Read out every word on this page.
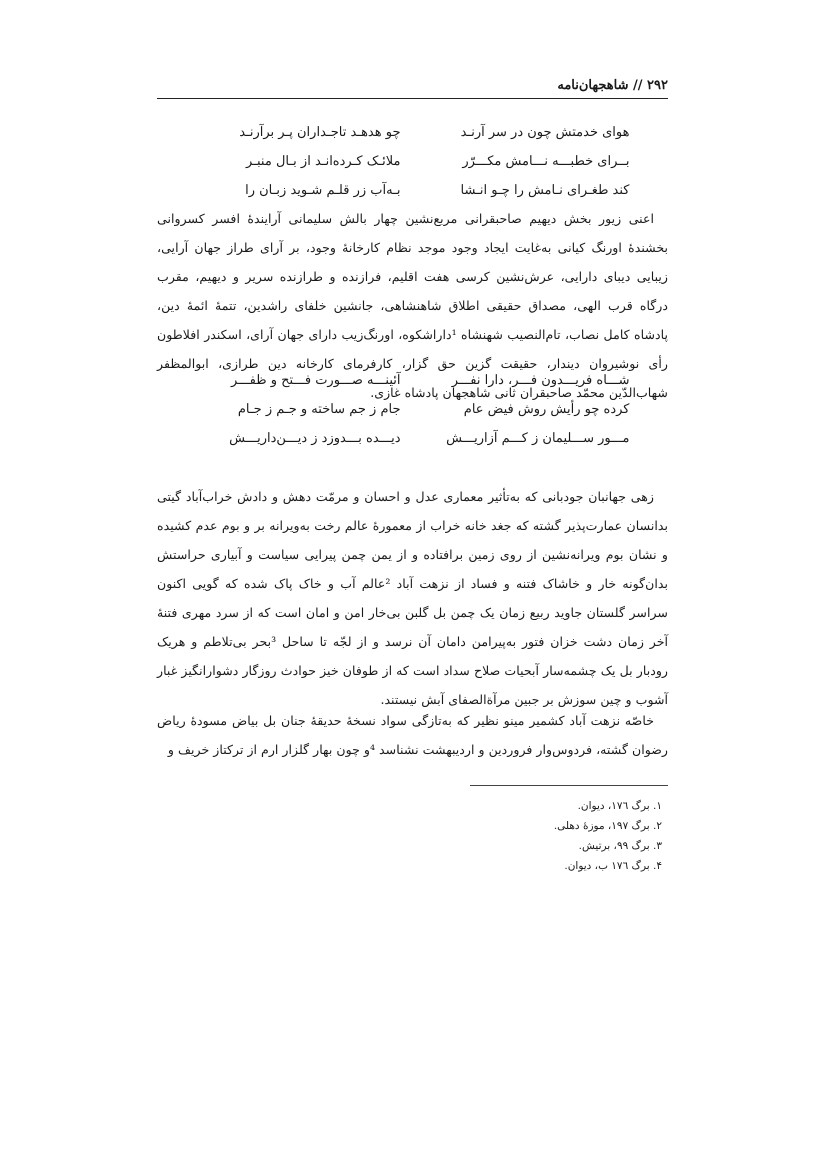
۲۹۲ // شاهجهان‌نامه
هوای خدمتش چون در سر آرنـد
چو هدهـد تاجـداران پـر برآرنـد
بــرای خطبـــه نـــامش مکـــرّر
ملائـک کـرده‌انـد از بـال منبـر
کند طغـرای نـامش را چـو انـشا
بـه‌آب زر قلـم شـوید زبـان را

اعنی زیور بخش دیهیم صاحبقرانی مربع‌نشین چهار بالش سلیمانی آرایندهٔ افسر کسروانی بخشندهٔ اورنگ کیانی به‌غایت ایجاد وجود موجد نظام کارخانهٔ وجود، بر آرای طراز جهان آرایی، زیبایی دیبای دارایی، عرش‌نشین کرسی هفت اقلیم، فرازنده و طرازنده سریر و دیهیم، مقرب درگاه قرب الهی، مصداق حقیقی اطلاق شاهنشاهی، جانشین خلفای راشدین، تتمهٔ ائمهٔ دین، پادشاه کامل نصاب، تام‌النصیب شهنشاه ¹داراشکوه، اورنگ‌زیب دارای جهان آرای، اسکندر افلاطون رأی نوشیروان دیندار، حقیقت گزین حق گزار، کارفرمای کارخانه دین طرازی، ابوالمظفر شهاب‌الدّین محمّد صاحبقران ثانی شاهجهان پادشاه غازی.

شـــاه فریـــدون فـــر، دارا نفـــر
آئینـــه صـــورت فـــتح و ظفـــر
کرده چو رأیش روش فیض عام
جام ز جم ساخته و جـم ز جـام
مـــور ســـلیمان ز کـــم آزاریـــش
دیـــده بـــدوزد ز دیـــن‌داریـــش

زهی جهانبان جودبانی که به‌تأثیر معماری عدل و احسان و مرمّت دهش و دادش خراب‌آباد گیتی بدانسان عمارت‌پذیر گشته که جغد خانه خراب از معمورهٔ عالم رخت به‌ویرانه بر و بوم عدم کشیده و نشان بوم ویرانه‌نشین از روی زمین برافتاده و از یمن چمن پیرایی سیاست و آبیاری حراستش بدان‌گونه خار و خاشاک فتنه و فساد از نزهت آباد ²عالم آب و خاک پاک شده که گویی اکنون سراسر گلستان جاوید ربیع زمان یک چمن بل گلبن بی‌خار امن و امان است که از سرد مهری فتنهٔ آخر زمان دشت خزان فتور به‌پیرامن دامان آن نرسد و از لجّه تا ساحل ³بحر بی‌تلاطم و هریک رودبار بل یک چشمه‌سار آبحیات صلاح سداد است که از طوفان خیز حوادث روزگار دشوارانگیز غبار آشوب و چین سوزش بر جبین مرآةالصفای آبش نیستند.

خاصّه نزهت آباد کشمیر مینو نظیر که به‌تازگی سواد نسخهٔ حدیقهٔ جنان بل بیاض مسودهٔ ریاض رضوان گشته، فردوس‌وار فروردین و اردیبهشت نشناسد ⁴و چون بهار گلزار ارم از ترکتاز خریف و

۱. برگ ۱۷٦، دیوان.
۲. برگ ۱۹۷، موزهٔ دهلی.
۳. برگ ۹۹، برتیش.
۴. برگ ۱۷٦ ب، دیوان.
